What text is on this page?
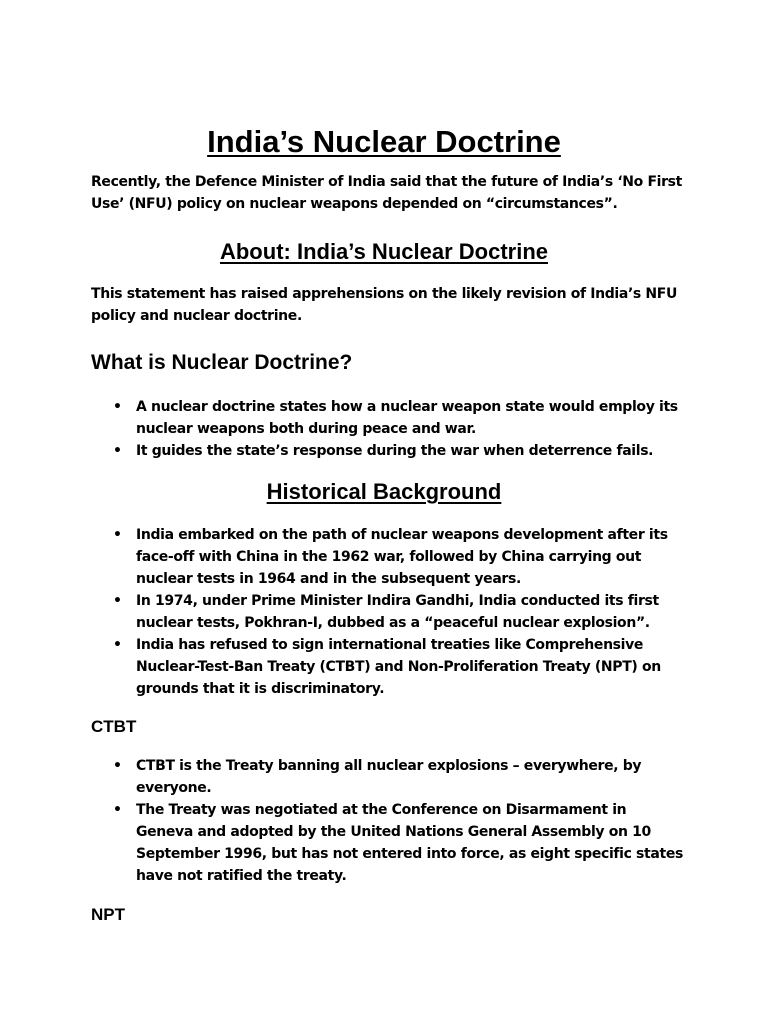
India’s Nuclear Doctrine
Recently, the Defence Minister of India said that the future of India’s ‘No First Use’ (NFU) policy on nuclear weapons depended on “circumstances”.
About: India’s Nuclear Doctrine
This statement has raised apprehensions on the likely revision of India’s NFU policy and nuclear doctrine.
What is Nuclear Doctrine?
• A nuclear doctrine states how a nuclear weapon state would employ its nuclear weapons both during peace and war.
• It guides the state’s response during the war when deterrence fails.
Historical Background
• India embarked on the path of nuclear weapons development after its face-off with China in the 1962 war, followed by China carrying out nuclear tests in 1964 and in the subsequent years.
• In 1974, under Prime Minister Indira Gandhi, India conducted its first nuclear tests, Pokhran-I, dubbed as a “peaceful nuclear explosion”.
• India has refused to sign international treaties like Comprehensive Nuclear-Test-Ban Treaty (CTBT) and Non-Proliferation Treaty (NPT) on grounds that it is discriminatory.
CTBT
• CTBT is the Treaty banning all nuclear explosions – everywhere, by everyone.
• The Treaty was negotiated at the Conference on Disarmament in Geneva and adopted by the United Nations General Assembly on 10 September 1996, but has not entered into force, as eight specific states have not ratified the treaty.
NPT
